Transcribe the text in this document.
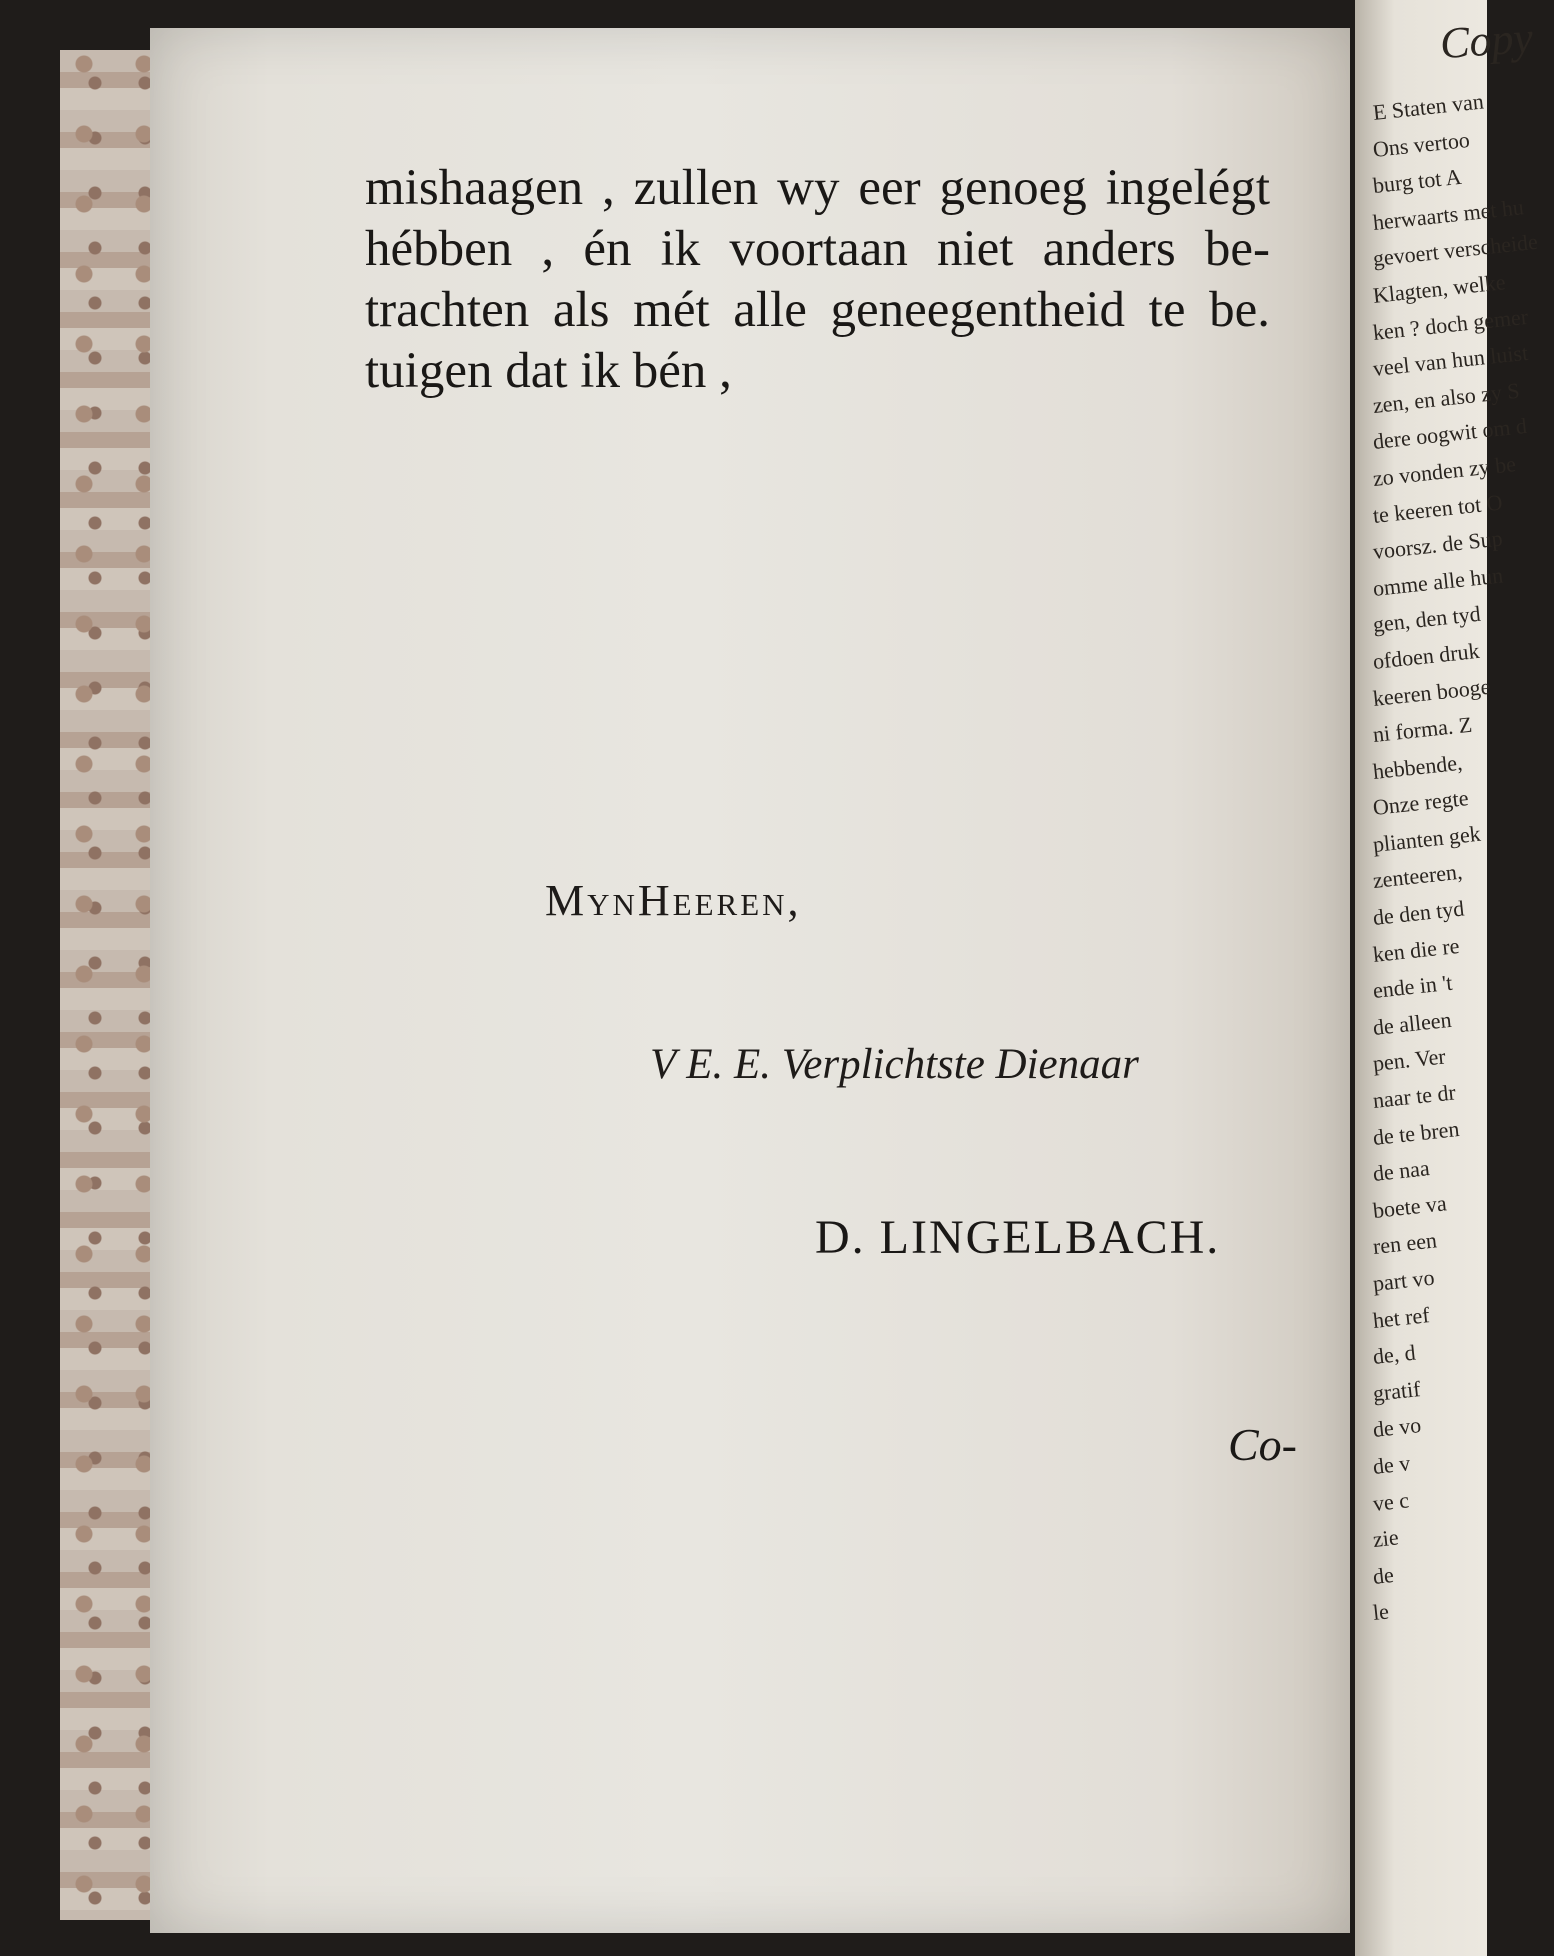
mishaagen , zullen wy eer genoeg ingelégt
hébben , én ik voortaan niet anders be-
trachten als mét alle geneegentheid te be.
tuigen dat ik bén ,
MynHeeren,
V E. E. Verplichtste Dienaar
D. LINGELBACH.
Co-
Copy
E Staten van
Ons vertoo
burg tot A
herwaarts met hu
gevoert verscheide
Klagten, welke
ken ? doch gemer
veel van hun luist
zen, en also zy S
dere oogwit om d
zo vonden zy be
te keeren tot O
voorsz. de Sup
omme alle hun
gen, den tyd
ofdoen druk
keeren booge
ni forma. Z
hebbende,
Onze regte
plianten gek
zenteeren,
de den tyd
ken die re
ende in 't
de alleen
pen. Ver
naar te dr
de te bren
de naa
boete va
ren een
part vo
het ref
de, d
gratif
de vo
de v
ve c
zie
de
le
